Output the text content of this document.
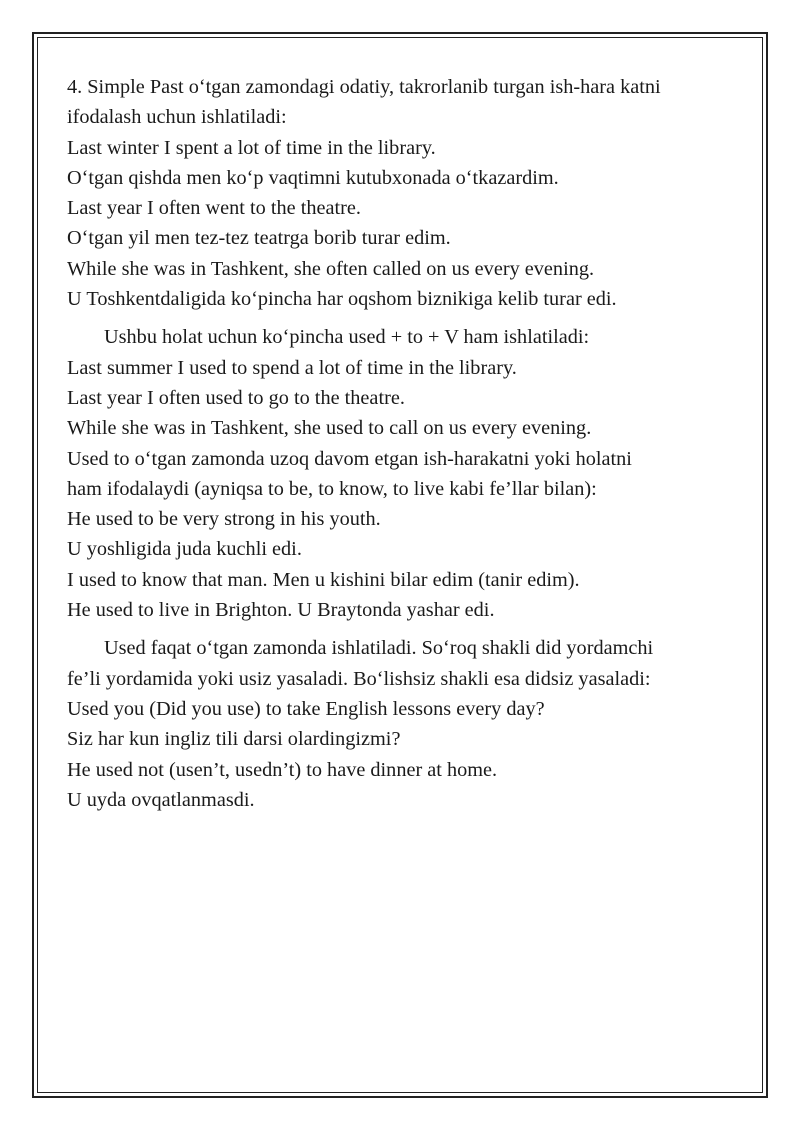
4. Simple Past o‘tgan zamondagi odatiy, takrorlanib turgan ish-hara katni
ifodalash uchun ishlatiladi:
Last winter I spent a lot of time in the library.
O‘tgan qishda men ko‘p vaqtimni kutubxonada o‘tkazardim.
Last year I often went to the theatre.
O‘tgan yil men tez-tez teatrga borib turar edim.
While she was in Tashkent, she often called on us every evening.
U Toshkentdaligida ko‘pincha har oqshom biznikiga kelib turar edi.
Ushbu holat uchun ko‘pincha used + to + V ham ishlatiladi:
Last summer I used to spend a lot of time in the library.
Last year I often used to go to the theatre.
While she was in Tashkent, she used to call on us every evening.
Used to o‘tgan zamonda uzoq davom etgan ish-harakatni yoki holatni
ham ifodalaydi (ayniqsa to be, to know, to live kabi fe’llar bilan):
He used to be very strong in his youth.
U yoshligida juda kuchli edi.
I used to know that man. Men u kishini bilar edim (tanir edim).
He used to live in Brighton. U Braytonda yashar edi.
Used faqat o‘tgan zamonda ishlatiladi. So‘roq shakli did yordamchi
fe’li yordamida yoki usiz yasaladi. Bo‘lishsiz shakli esa didsiz yasaladi:
Used you (Did you use) to take English lessons every day?
Siz har kun ingliz tili darsi olardingizmi?
He used not (usen’t, usedn’t) to have dinner at home.
U uyda ovqatlanmasdi.
